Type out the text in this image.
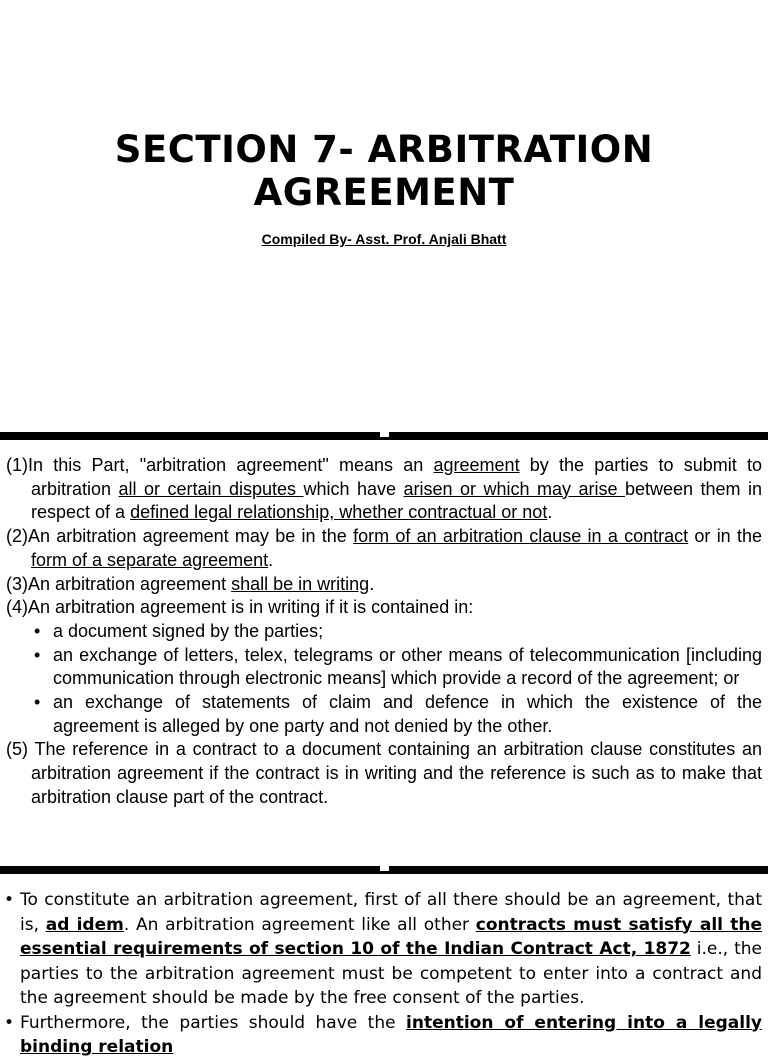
SECTION 7- ARBITRATION
AGREEMENT

Compiled By- Asst. Prof. Anjali Bhatt

(1)In this Part, "arbitration agreement" means an agreement by the parties to submit to arbitration all or certain disputes which have arisen or which may arise between them in respect of a defined legal relationship, whether contractual or not.

(2)An arbitration agreement may be in the form of an arbitration clause in a contract or in the form of a separate agreement.

(3)An arbitration agreement shall be in writing.

(4)An arbitration agreement is in writing if it is contained in:

• a document signed by the parties;

• an exchange of letters, telex, telegrams or other means of telecommunication [including communication through electronic means] which provide a record of the agreement; or

• an exchange of statements of claim and defence in which the existence of the agreement is alleged by one party and not denied by the other.

(5) The reference in a contract to a document containing an arbitration clause constitutes an arbitration agreement if the contract is in writing and the reference is such as to make that arbitration clause part of the contract.

• To constitute an arbitration agreement, first of all there should be an agreement, that is, ad idem. An arbitration agreement like all other contracts must satisfy all the essential requirements of section 10 of the Indian Contract Act, 1872 i.e., the parties to the arbitration agreement must be competent to enter into a contract and the agreement should be made by the free consent of the parties.

• Furthermore, the parties should have the intention of entering into a legally binding relation
